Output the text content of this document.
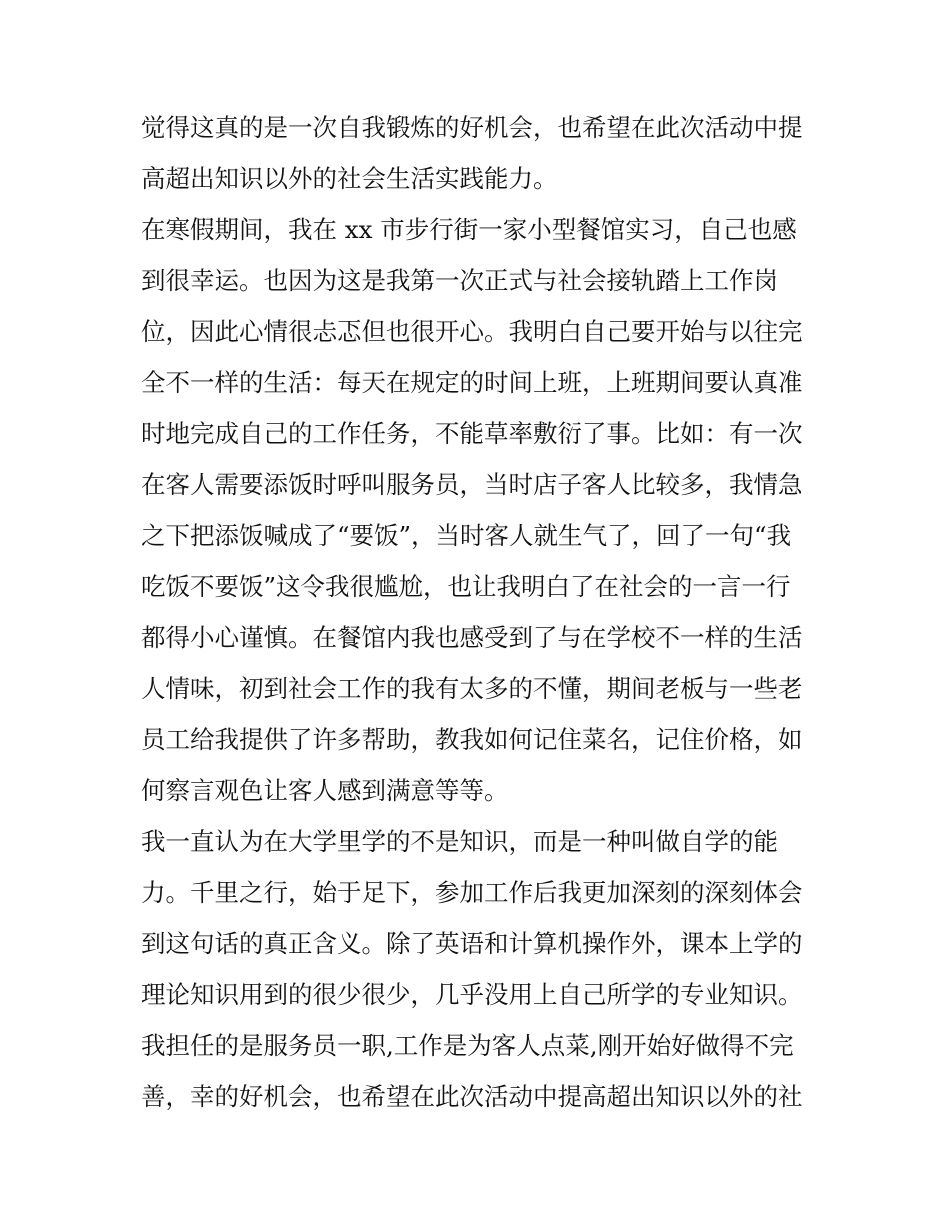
觉得这真的是一次自我锻炼的好机会，也希望在此次活动中提
高超出知识以外的社会生活实践能力。
在寒假期间，我在 xx 市步行街一家小型餐馆实习，自己也感
到很幸运。也因为这是我第一次正式与社会接轨踏上工作岗
位，因此心情很忐忑但也很开心。我明白自己要开始与以往完
全不一样的生活：每天在规定的时间上班，上班期间要认真准
时地完成自己的工作任务，不能草率敷衍了事。比如：有一次
在客人需要添饭时呼叫服务员，当时店子客人比较多，我情急
之下把添饭喊成了“要饭”，当时客人就生气了，回了一句“我
吃饭不要饭”这令我很尴尬，也让我明白了在社会的一言一行
都得小心谨慎。在餐馆内我也感受到了与在学校不一样的生活
人情味，初到社会工作的我有太多的不懂，期间老板与一些老
员工给我提供了许多帮助，教我如何记住菜名，记住价格，如
何察言观色让客人感到满意等等。
我一直认为在大学里学的不是知识，而是一种叫做自学的能
力。千里之行，始于足下，参加工作后我更加深刻的深刻体会
到这句话的真正含义。除了英语和计算机操作外，课本上学的
理论知识用到的很少很少，几乎没用上自己所学的专业知识。
我担任的是服务员一职,工作是为客人点菜,刚开始好做得不完
善，幸的好机会，也希望在此次活动中提高超出知识以外的社
